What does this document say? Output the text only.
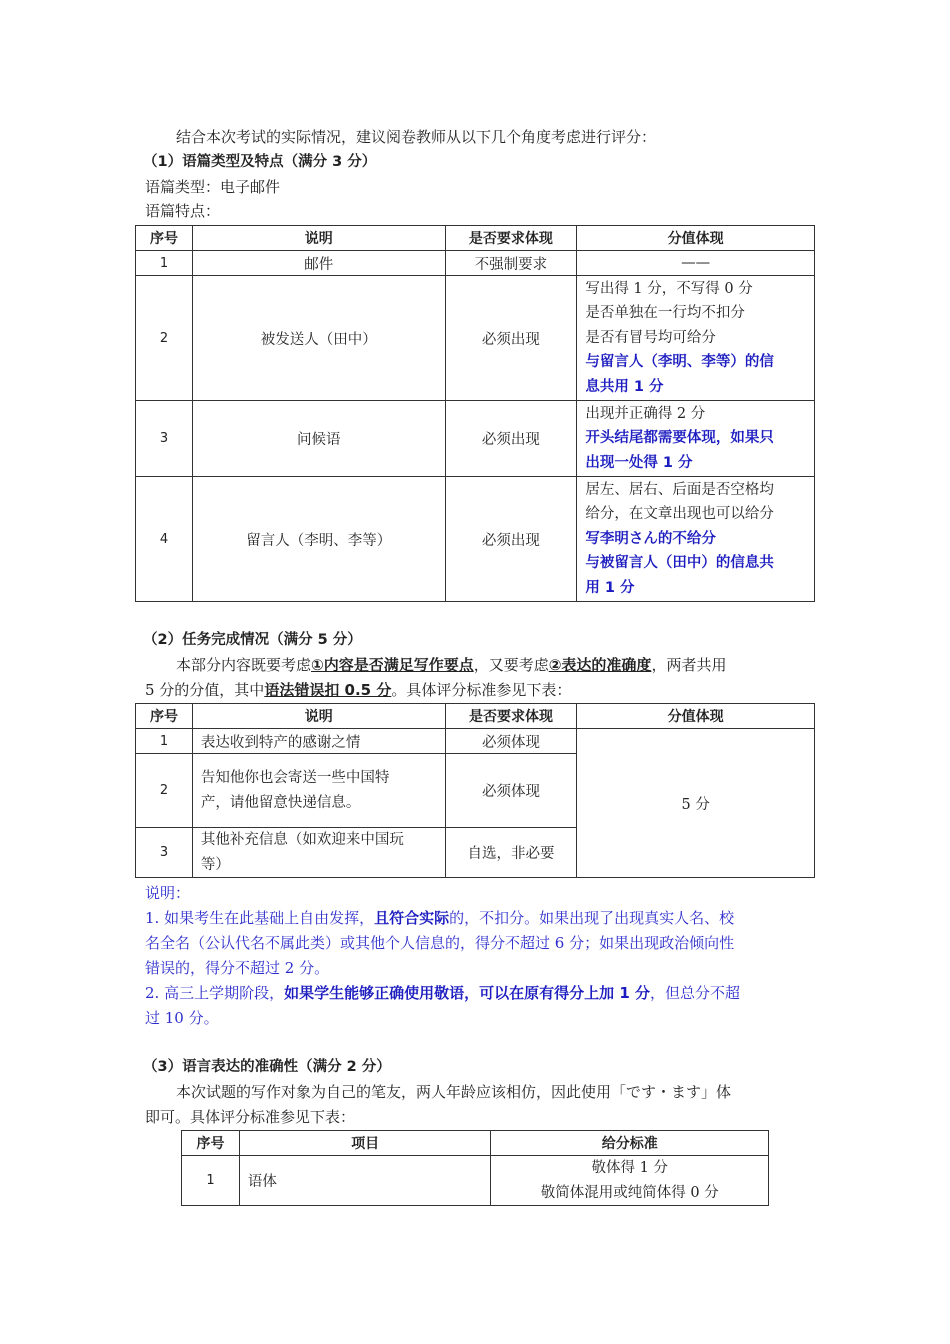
结合本次考试的实际情况，建议阅卷教师从以下几个角度考虑进行评分：
（1）语篇类型及特点（满分 3 分）
语篇类型：电子邮件
语篇特点：
序号	说明	是否要求体现	分值体现
1	邮件	不强制要求	——
2	被发送人（田中）	必须出现	写出得 1 分，不写得 0 分
是否单独在一行均不扣分
是否有冒号均可给分
与留言人（李明、李等）的信
息共用 1 分

3	问候语	必须出现	出现并正确得 2 分
开头结尾都需要体现，如果只
出现一处得 1 分

4	留言人（李明、李等）	必须出现	居左、居右、后面是否空格均
给分，在文章出现也可以给分
写李明さん的不给分
与被留言人（田中）的信息共
用 1 分
（2）任务完成情况（满分 5 分）
本部分内容既要考虑①内容是否满足写作要点，又要考虑②表达的准确度，两者共用
5 分的分值，其中语法错误扣 0.5 分。具体评分标准参见下表：
序号	说明	是否要求体现	分值体现
1	表达收到特产的感谢之情	必须体现	5 分
2	告知他你也会寄送一些中国特
产，请他留意快递信息。	必须体现	
3	其他补充信息（如欢迎来中国玩
等）	自选，非必要	
说明：
1. 如果考生在此基础上自由发挥，且符合实际的，不扣分。如果出现了出现真实人名、校
名全名（公认代名不属此类）或其他个人信息的，得分不超过 6 分；如果出现政治倾向性
错误的，得分不超过 2 分。
2. 高三上学期阶段，如果学生能够正确使用敬语，可以在原有得分上加 1 分，但总分不超
过 10 分。
（3）语言表达的准确性（满分 2 分）
本次试题的写作对象为自己的笔友，两人年龄应该相仿，因此使用「です・ます」体
即可。具体评分标准参见下表：
序号	项目	给分标准
1	语体	敬体得 1 分
敬简体混用或纯简体得 0 分
